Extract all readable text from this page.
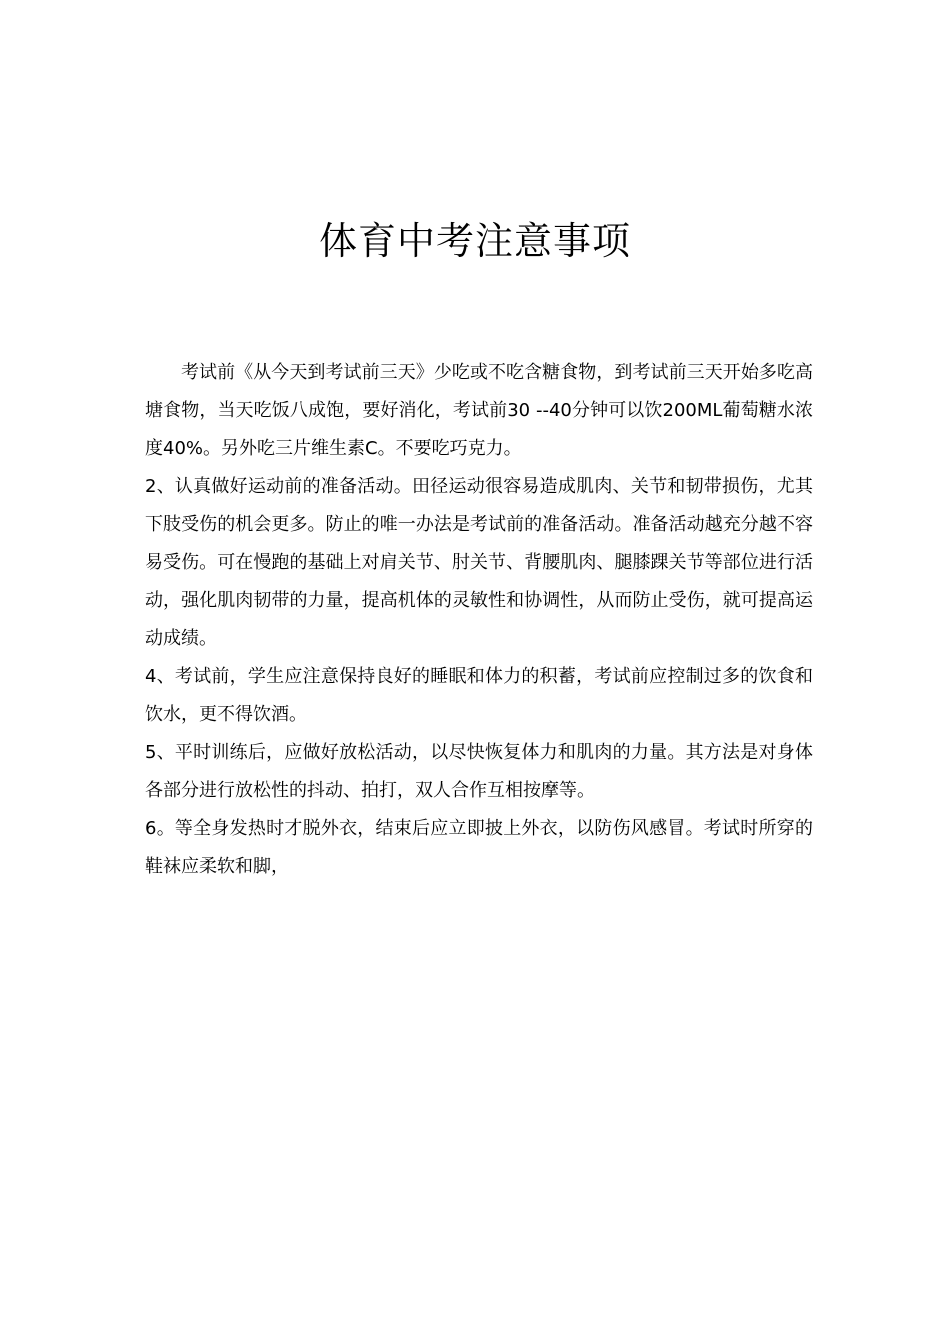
体育中考注意事项

考试前《从今天到考试前三天》少吃或不吃含糖食物，到考试前三天开始多吃高塘食物，当天吃饭八成饱，要好消化，考试前30 --40分钟可以饮200ML葡萄糖水浓度40%。另外吃三片维生素C。不要吃巧克力。

2、认真做好运动前的准备活动。田径运动很容易造成肌肉、关节和韧带损伤，尤其下肢受伤的机会更多。防止的唯一办法是考试前的准备活动。准备活动越充分越不容易受伤。可在慢跑的基础上对肩关节、肘关节、背腰肌肉、腿膝踝关节等部位进行活动，强化肌肉韧带的力量，提高机体的灵敏性和协调性，从而防止受伤，就可提高运动成绩。

4、考试前，学生应注意保持良好的睡眠和体力的积蓄，考试前应控制过多的饮食和饮水，更不得饮酒。

5、平时训练后，应做好放松活动，以尽快恢复体力和肌肉的力量。其方法是对身体各部分进行放松性的抖动、拍打，双人合作互相按摩等。

6。等全身发热时才脱外衣，结束后应立即披上外衣，以防伤风感冒。考试时所穿的鞋袜应柔软和脚，
